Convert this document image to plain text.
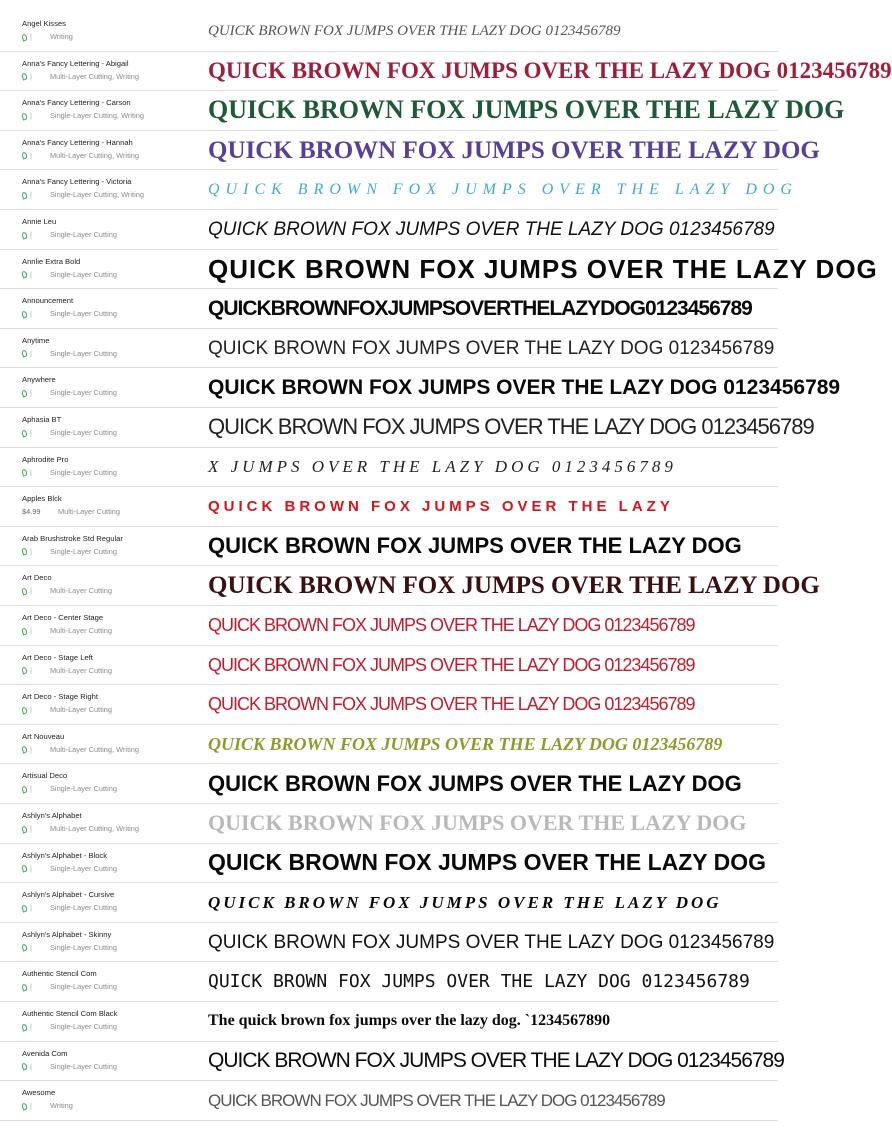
Angel Kisses
| Writing	QUICK BROWN FOX JUMPS OVER THE LAZY DOG 0123456789
Anna's Fancy Lettering - Abigail
| Multi-Layer Cutting, Writing	QUICK BROWN FOX JUMPS OVER THE LAZY DOG 0123456789
Anna's Fancy Lettering - Carson
| Single-Layer Cutting, Writing QUICK BROWN FOX JUMPS OVER THE LAZY DOG
Anna's Fancy Lettering - Hannah
| Multi-Layer Cutting, Writing	QUICK BROWN FOX JUMPS OVER THE LAZY DOG
Anna's Fancy Lettering - Victoria
| Single-Layer Cutting, Writing	QUICK BROWN FOX JUMPS OVER THE LAZY DOG
Annie Leu
| Single-Layer Cutting	QUICK BROWN FOX JUMPS OVER THE LAZY DOG 0123456789
Annlie Extra Bold
| Single-Layer Cutting	QUICK BROWN FOX JUMPS OVER THE LAZY DOG
Announcement
| Single-Layer Cutting	QUICKBROWNFOXJUMPSOVERTHELAZYDOG0123456789
Anytime
| Single-Layer Cutting	QUICK BROWN FOX JUMPS OVER THE LAZY DOG 0123456789
Anywhere
| Single-Layer Cutting	QUICK BROWN FOX JUMPS OVER THE LAZY DOG 0123456789
Aphasia BT
| Single-Layer Cutting	QUICK BROWN FOX JUMPS OVER THE LAZY DOG 0123456789
Aphrodite Pro
| Single-Layer Cutting	X JUMPS OVER THE LAZY DOG 0123456789
Apples Blck
$4.99	Multi-Layer Cutting	QUICK BROWN FOX JUMPS OVER THE LAZY
Arab Brushstroke Std Regular
| Single-Layer Cutting	QUICK BROWN FOX JUMPS OVER THE LAZY DOG
Art Deco
| Multi-Layer Cutting	QUICK BROWN FOX JUMPS OVER THE LAZY DOG
Art Deco - Center Stage
| Multi-Layer Cutting	QUICK BROWN FOX JUMPS OVER THE LAZY DOG 0123456789
Art Deco - Stage Left
| Multi-Layer Cutting	QUICK BROWN FOX JUMPS OVER THE LAZY DOG 0123456789
Art Deco - Stage Right
| Multi-Layer Cutting	QUICK BROWN FOX JUMPS OVER THE LAZY DOG 0123456789
Art Nouveau
| Multi-Layer Cutting, Writing	QUICK BROWN FOX JUMPS OVER THE LAZY DOG 0123456789
Artisual Deco
| Single-Layer Cutting	QUICK BROWN FOX JUMPS OVER THE LAZY DOG
Ashlyn's Alphabet
| Multi-Layer Cutting, Writing	QUICK BROWN FOX JUMPS OVER THE LAZY DOG
Ashlyn's Alphabet - Block
| Single-Layer Cutting	QUICK BROWN FOX JUMPS OVER THE LAZY DOG
Ashlyn's Alphabet - Cursive
| Single-Layer Cutting	QUICK BROWN FOX JUMPS OVER THE LAZY DOG
Ashlyn's Alphabet - Skinny
| Single-Layer Cutting	QUICK BROWN FOX JUMPS OVER THE LAZY DOG 0123456789
Authentic Stencil Com
| Single-Layer Cutting	QUICK BROWN FOX JUMPS OVER THE LAZY DOG 0123456789
Authentic Stencil Com Black
| Single-Layer Cutting	The quick brown fox jumps over the lazy dog. `1234567890
Avenida Com
| Single-Layer Cutting	QUICK BROWN FOX JUMPS OVER THE LAZY DOG 0123456789
Awesome
| Writing	QUICK BROWN FOX JUMPS OVER THE LAZY DOG 0123456789
